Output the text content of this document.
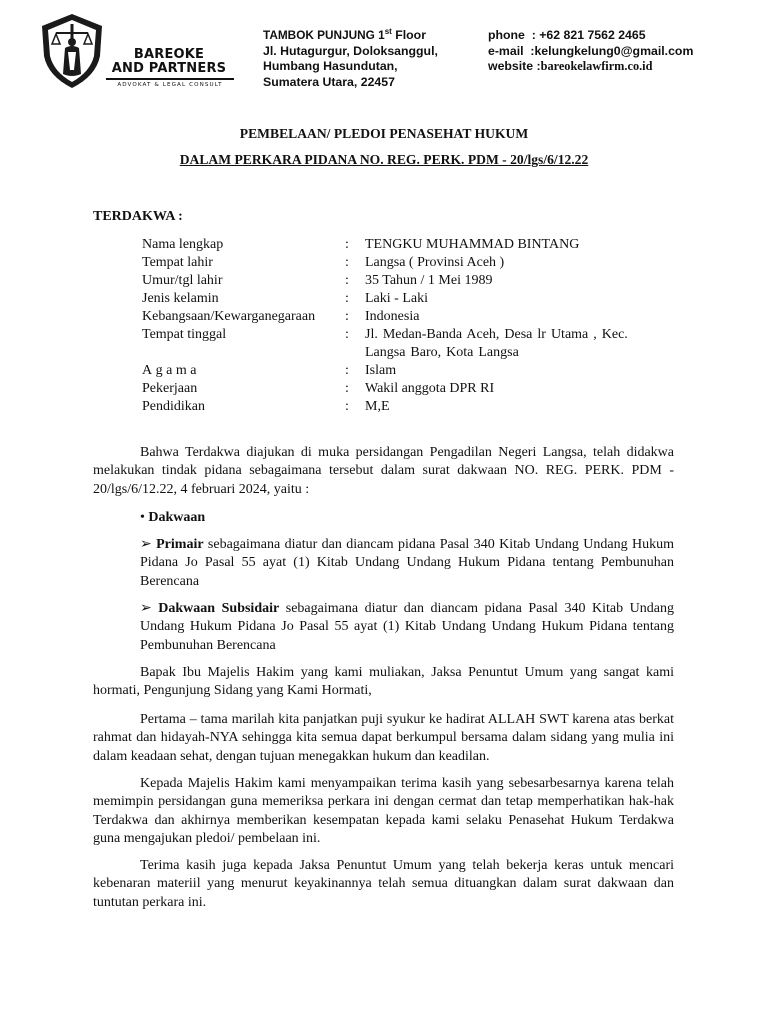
BAREOKE
AND PARTNERS
ADVOKAT & LEGAL CONSULT
TAMBOK PUNJUNG 1st Floor
Jl. Hutagurgur, Doloksanggul,
Humbang Hasundutan,
Sumatera Utara, 22457
phone  : +62 821 7562 2465
e-mail  :kelungkelung0@gmail.com
website :bareokelawfirm.co.id
PEMBELAAN/ PLEDOI PENASEHAT HUKUM
DALAM PERKARA PIDANA NO. REG. PERK. PDM - 20/lgs/6/12.22
TERDAKWA :
Nama lengkap	: TENGKU MUHAMMAD BINTANG
Tempat lahir	: Langsa ( Provinsi Aceh )
Umur/tgl lahir	: 35 Tahun / 1 Mei 1989
Jenis kelamin	: Laki - Laki
Kebangsaan/Kewarganegaraan : Indonesia
Tempat tinggal	: Jl. Medan-Banda Aceh, Desa lr Utama , Kec. Langsa Baro, Kota Langsa
Agama	: Islam
Pekerjaan	: Wakil anggota DPR RI
Pendidikan	: M,E
Bahwa Terdakwa diajukan di muka persidangan Pengadilan Negeri Langsa, telah didakwa melakukan tindak pidana sebagaimana tersebut dalam surat dakwaan NO. REG. PERK. PDM - 20/lgs/6/12.22, 4 februari 2024, yaitu :
• Dakwaan
➢ Primair sebagaimana diatur dan diancam pidana Pasal 340 Kitab Undang Undang Hukum Pidana Jo Pasal 55 ayat (1) Kitab Undang Undang Hukum Pidana tentang Pembunuhan Berencana
➢ Dakwaan Subsidair sebagaimana diatur dan diancam pidana Pasal 340 Kitab Undang Undang Hukum Pidana Jo Pasal 55 ayat (1) Kitab Undang Undang Hukum Pidana tentang Pembunuhan Berencana
Bapak Ibu Majelis Hakim yang kami muliakan, Jaksa Penuntut Umum yang sangat kami hormati, Pengunjung Sidang yang Kami Hormati,
Pertama – tama marilah kita panjatkan puji syukur ke hadirat ALLAH SWT karena atas berkat rahmat dan hidayah-NYA sehingga kita semua dapat berkumpul bersama dalam sidang yang mulia ini dalam keadaan sehat, dengan tujuan menegakkan hukum dan keadilan.
Kepada Majelis Hakim kami menyampaikan terima kasih yang sebesarbesarnya karena telah memimpin persidangan guna memeriksa perkara ini dengan cermat dan tetap memperhatikan hak-hak Terdakwa dan akhirnya memberikan kesempatan kepada kami selaku Penasehat Hukum Terdakwa guna mengajukan pledoi/ pembelaan ini.
Terima kasih juga kepada Jaksa Penuntut Umum yang telah bekerja keras untuk mencari kebenaran materiil yang menurut keyakinannya telah semua dituangkan dalam surat dakwaan dan tuntutan perkara ini.
